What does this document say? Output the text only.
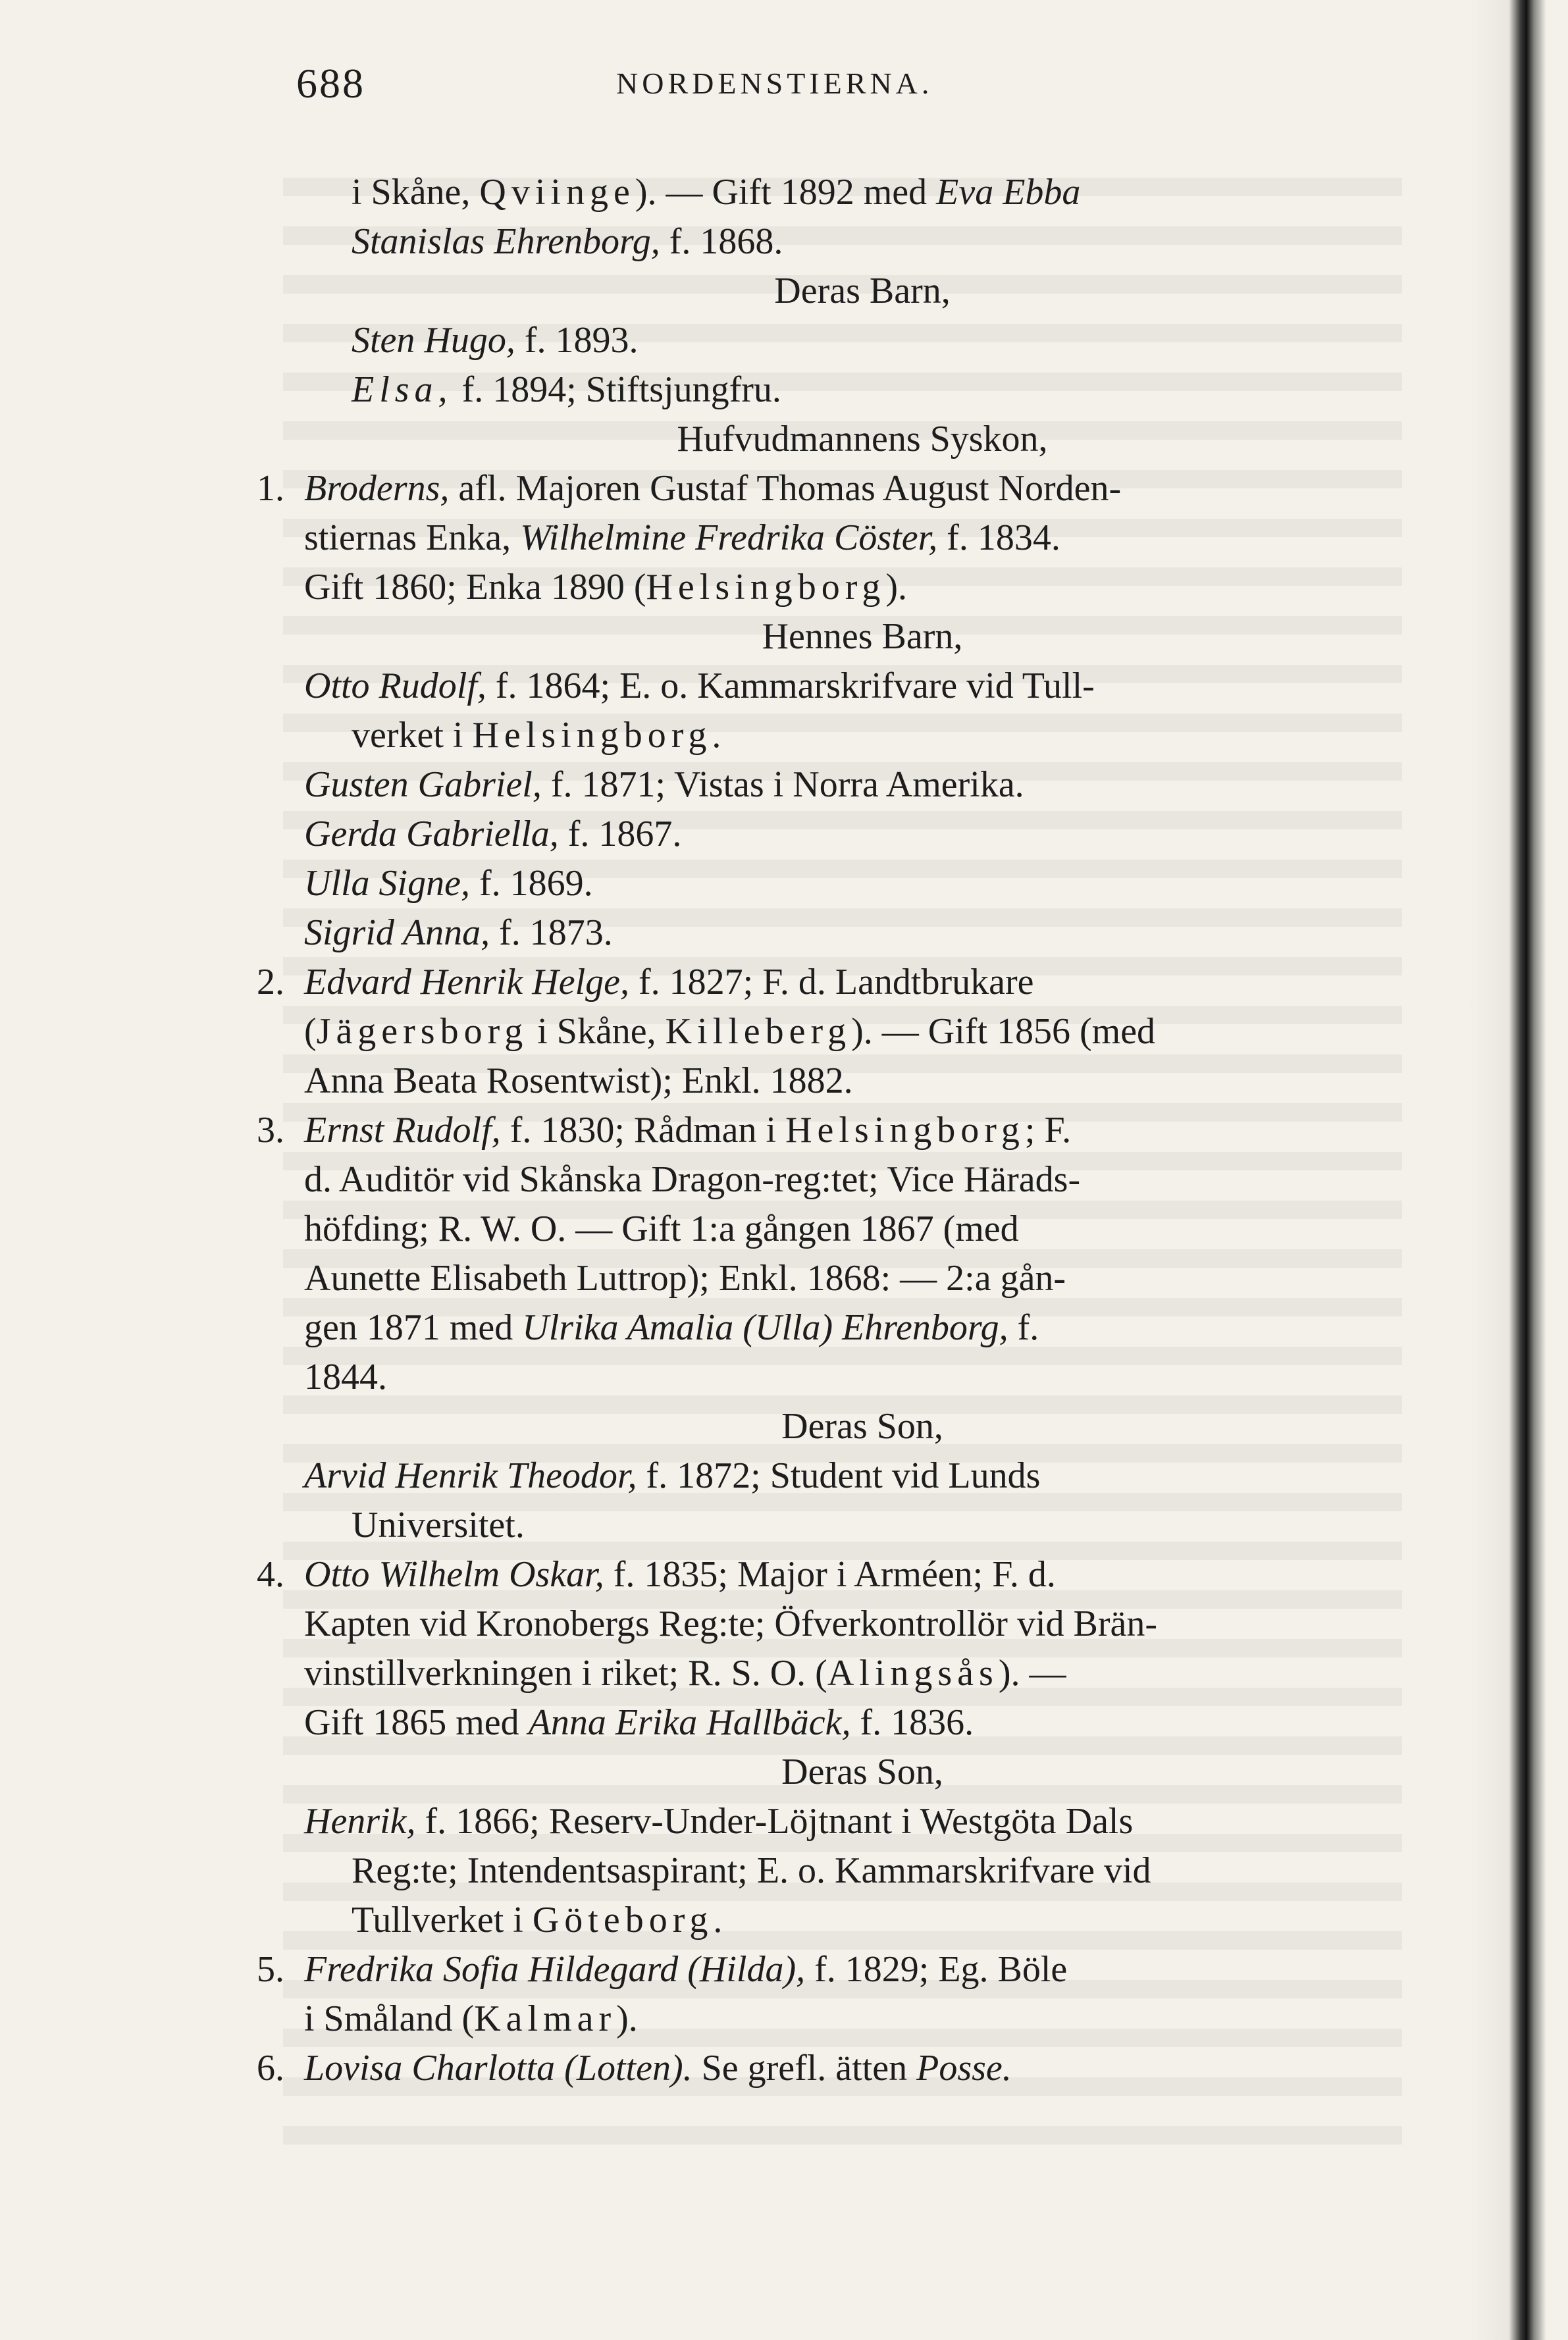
688	NORDENSTIERNA.
i Skåne, Qviinge). — Gift 1892 med Eva Ebba
Stanislas Ehrenborg, f. 1868.
Deras Barn,
Sten Hugo, f. 1893.
Elsa, f. 1894; Stiftsjungfru.
Hufvudmannens Syskon,
1. Broderns, afl. Majoren Gustaf Thomas August Norden-
stiernas Enka, Wilhelmine Fredrika Cöster, f. 1834.
Gift 1860; Enka 1890 (Helsingborg).
Hennes Barn,
Otto Rudolf, f. 1864; E. o. Kammarskrifvare vid Tull-
verket i Helsingborg.
Gusten Gabriel, f. 1871; Vistas i Norra Amerika.
Gerda Gabriella, f. 1867.
Ulla Signe, f. 1869.
Sigrid Anna, f. 1873.
2. Edvard Henrik Helge, f. 1827; F. d. Landtbrukare
(Jägersborg i Skåne, Killeberg). — Gift 1856 (med
Anna Beata Rosentwist); Enkl. 1882.
3. Ernst Rudolf, f. 1830; Rådman i Helsingborg; F.
d. Auditör vid Skånska Dragon-reg:tet; Vice Härads-
höfding; R. W. O. — Gift 1:a gången 1867 (med
Aunette Elisabeth Luttrop); Enkl. 1868: — 2:a gån-
gen 1871 med Ulrika Amalia (Ulla) Ehrenborg, f.
1844.
Deras Son,
Arvid Henrik Theodor, f. 1872; Student vid Lunds
Universitet.
4. Otto Wilhelm Oskar, f. 1835; Major i Arméen; F. d.
Kapten vid Kronobergs Reg:te; Öfverkontrollör vid Brän-
vinstillverkningen i riket; R. S. O. (Alingsås). —
Gift 1865 med Anna Erika Hallbäck, f. 1836.
Deras Son,
Henrik, f. 1866; Reserv-Under-Löjtnant i Westgöta Dals
Reg:te; Intendentsaspirant; E. o. Kammarskrifvare vid
Tullverket i Göteborg.
5. Fredrika Sofia Hildegard (Hilda), f. 1829; Eg. Böle
i Småland (Kalmar).
6. Lovisa Charlotta (Lotten). Se grefl. ätten Posse.
